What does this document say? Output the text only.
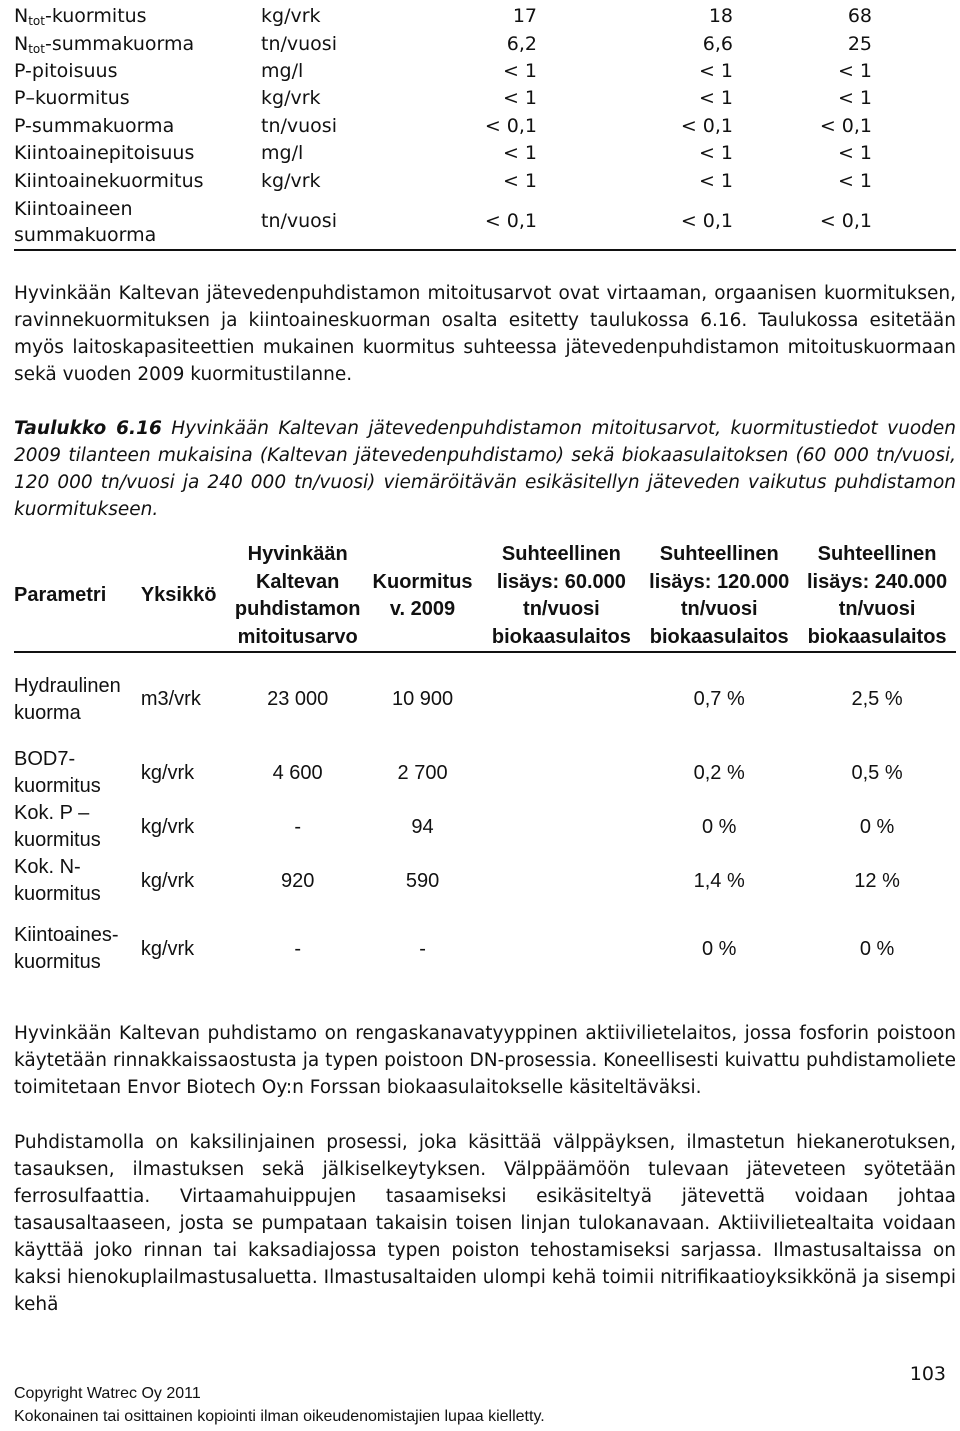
$N_{tot}$-kuormitus	kg/vrk	17	18	68
$N_{tot}$-summakuorma	tn/vuosi	6,2	6,6	25
P-pitoisuus	mg/l	< 1	< 1	< 1
P–kuormitus	kg/vrk	< 1	< 1	< 1
P-summakuorma	tn/vuosi	< 0,1	< 0,1	< 0,1
Kiintoainepitoisuus	mg/l	< 1	< 1	< 1
Kiintoainekuormitus	kg/vrk	< 1	< 1	< 1
Kiintoaineen summakuorma	tn/vuosi	< 0,1	< 0,1	< 0,1

Hyvinkään Kaltevan jätevedenpuhdistamon mitoitusarvot ovat virtaaman, orgaanisen kuormituksen, ravinnekuormituksen ja kiintoaineskuorman osalta esitetty taulukossa 6.16. Taulukossa esitetään myös laitoskapasiteettien mukainen kuormitus suhteessa jätevedenpuhdistamon mitoituskuormaan sekä vuoden 2009 kuormitustilanne.

Taulukko 6.16 Hyvinkään Kaltevan jätevedenpuhdistamon mitoitusarvot, kuormitustiedot vuoden 2009 tilanteen mukaisina (Kaltevan jätevedenpuhdistamo) sekä biokaasulaitoksen (60 000 tn/vuosi, 120 000 tn/vuosi ja 240 000 tn/vuosi) viemäröitävän esikäsitellyn jäteveden vaikutus puhdistamon kuormitukseen.

Parametri	Yksikkö	Hyvinkään Kaltevan puhdistamon mitoitusarvo	Kuormitus v. 2009	Suhteellinen lisäys: 60.000 tn/vuosi biokaasulaitos	Suhteellinen lisäys: 120.000 tn/vuosi biokaasulaitos	Suhteellinen lisäys: 240.000 tn/vuosi biokaasulaitos
Hydraulinen kuorma	m3/vrk	23 000	10 900		0,7 %	2,5 %
BOD7-kuormitus	kg/vrk	4 600	2 700		0,2 %	0,5 %
Kok. P – kuormitus	kg/vrk	-	94		0 %	0 %
Kok. N- kuormitus	kg/vrk	920	590		1,4 %	12 %
Kiintoaines-kuormitus	kg/vrk	-	-		0 %	0 %

Hyvinkään Kaltevan puhdistamo on rengaskanavatyyppinen aktiivilietelaitos, jossa fosforin poistoon käytetään rinnakkaissaostusta ja typen poistoon DN-prosessia. Koneellisesti kuivattu puhdistamoliete toimitetaan Envor Biotech Oy:n Forssan biokaasulaitokselle käsiteltäväksi.

Puhdistamolla on kaksilinjainen prosessi, joka käsittää välppäyksen, ilmastetun hiekanerotuksen, tasauksen, ilmastuksen sekä jälkiselkeytyksen. Välppäämöön tulevaan jäteveteen syötetään ferrosulfaattia. Virtaamahuippujen tasaamiseksi esikäsiteltyä jätevettä voidaan johtaa tasausaltaaseen, josta se pumpataan takaisin toisen linjan tulokanavaan. Aktiivilietealtaita voidaan käyttää joko rinnan tai kaksadiajossa typen poiston tehostamiseksi sarjassa. Ilmastusaltaissa on kaksi hienokuplailmastusaluetta. Ilmastusaltaiden ulompi kehä toimii nitrifikaatioyksikkönä ja sisempi kehä

103
Copyright Watrec Oy 2011
Kokonainen tai osittainen kopiointi ilman oikeudenomistajien lupaa kielletty.
